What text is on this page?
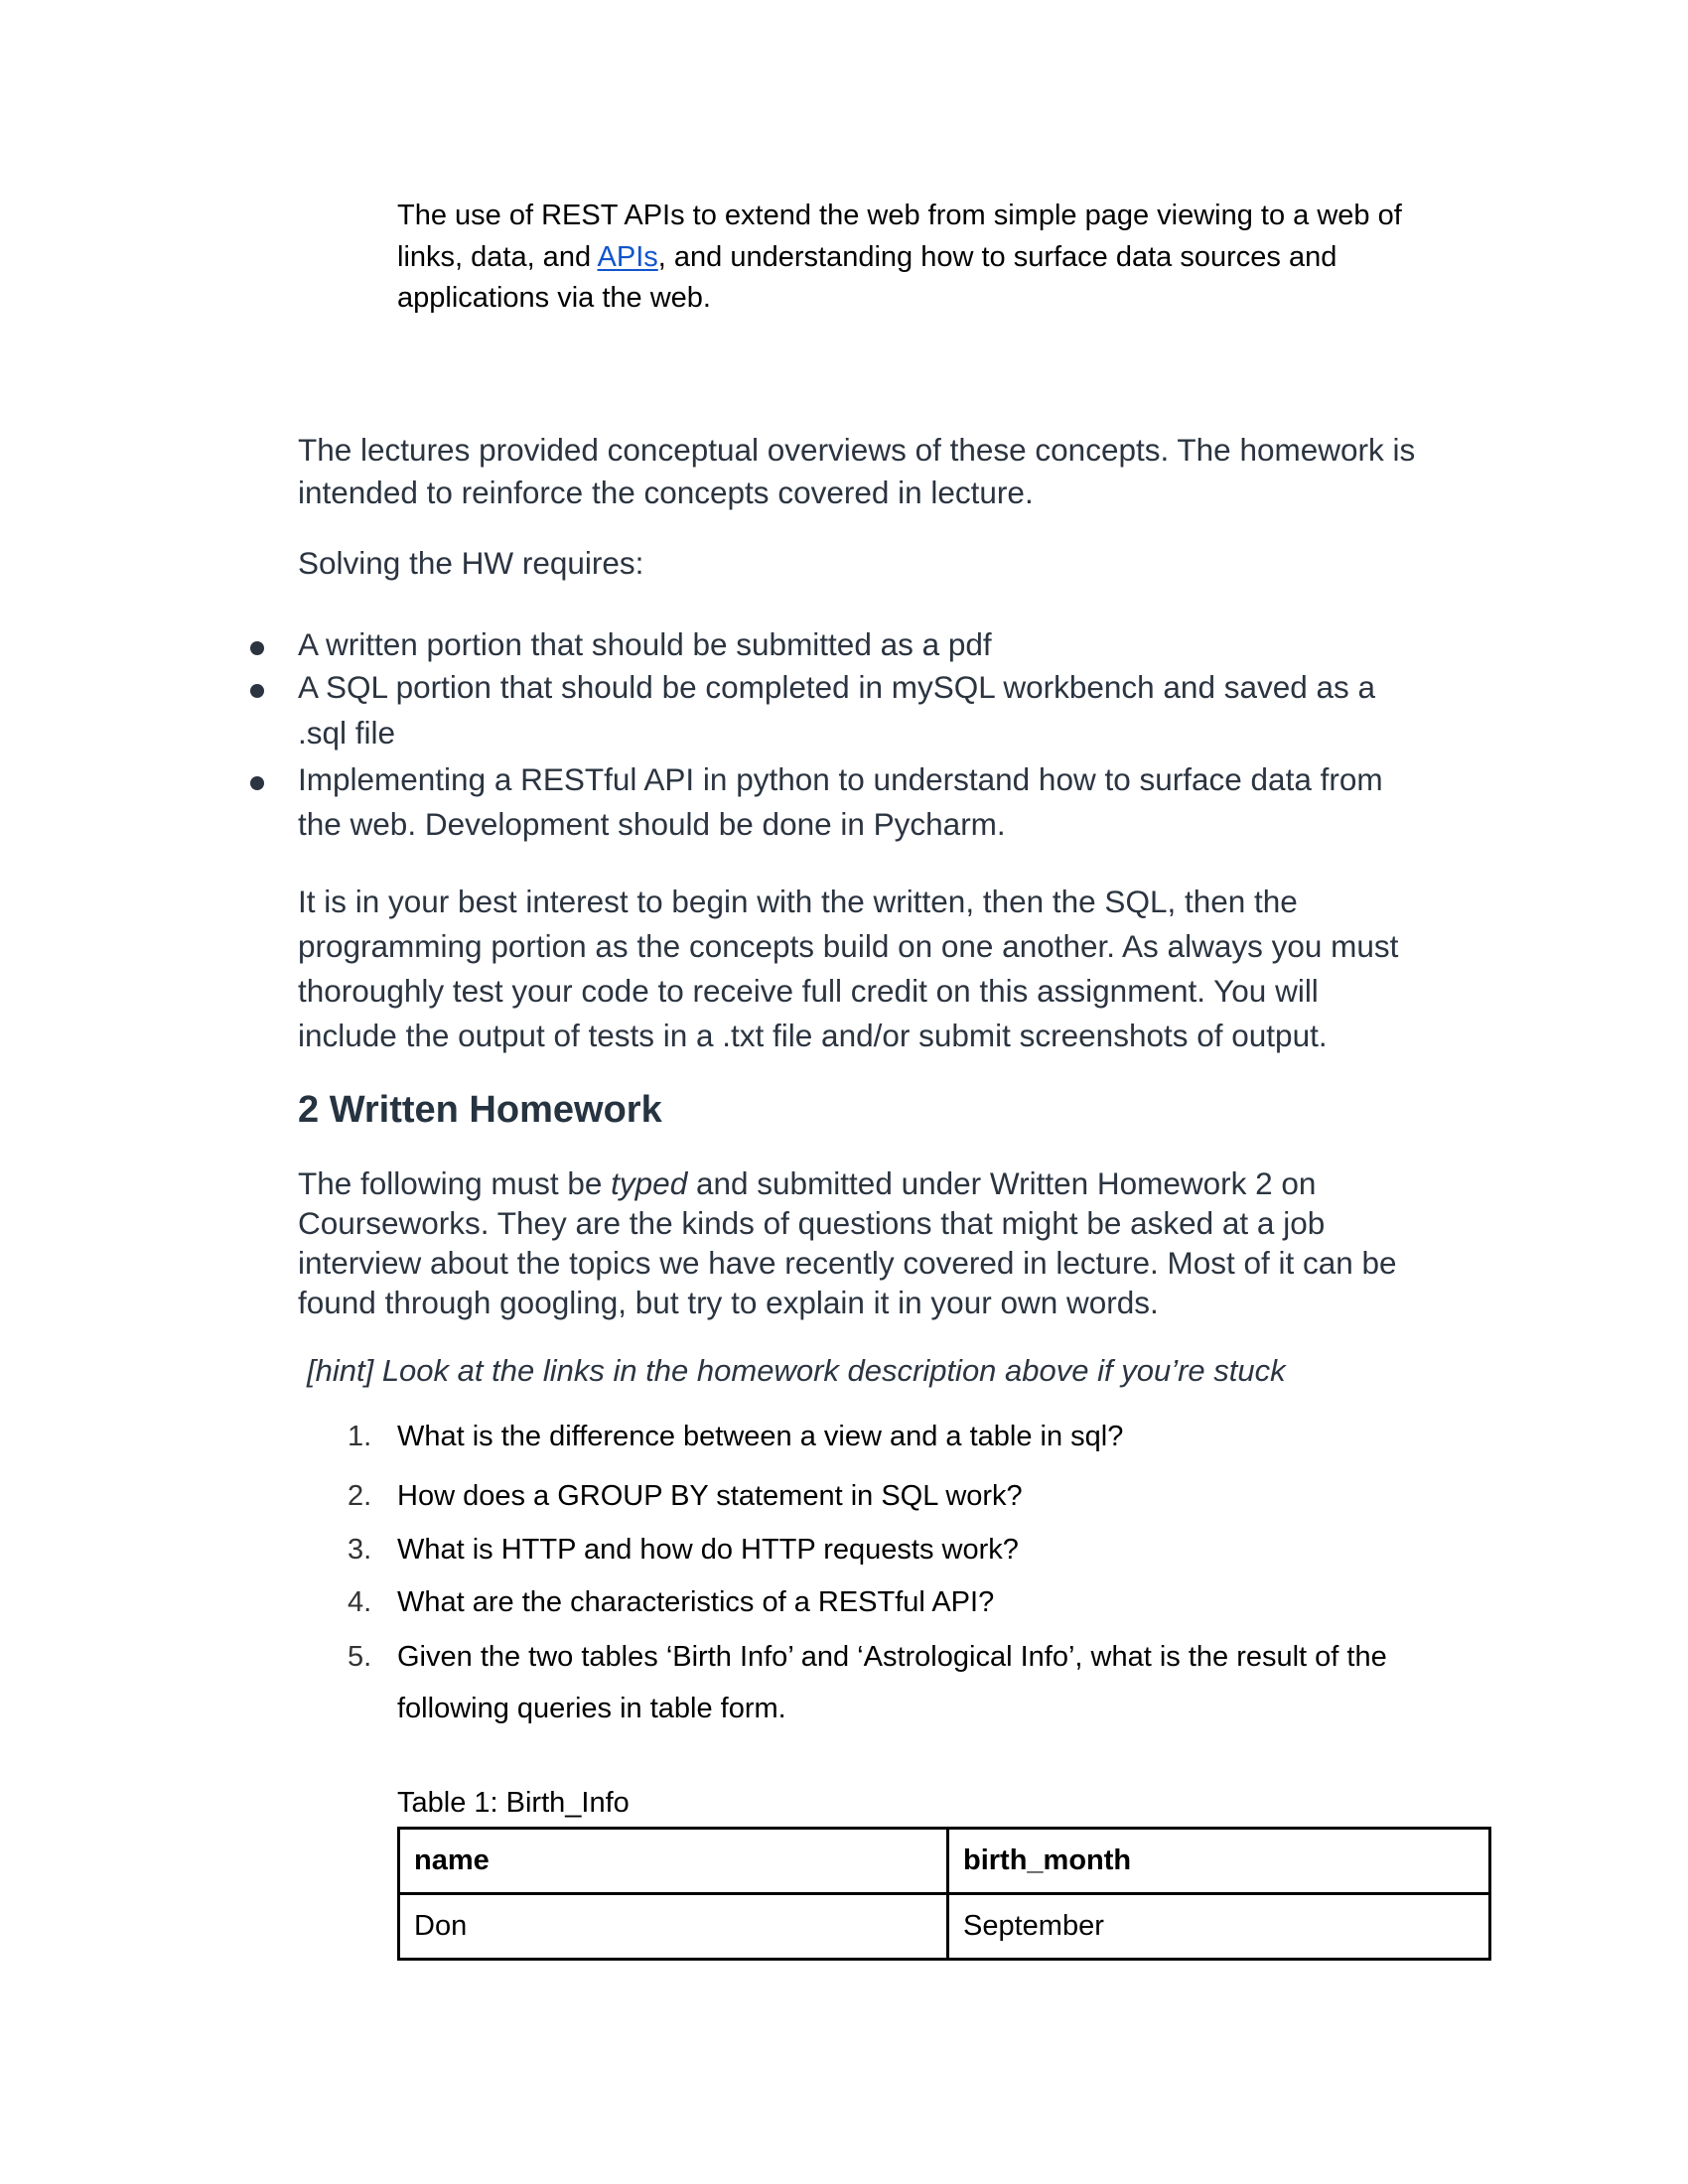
The use of REST APIs to extend the web from simple page viewing to a web of
links, data, and APIs, and understanding how to surface data sources and
applications via the web.
The lectures provided conceptual overviews of these concepts. The homework is
intended to reinforce the concepts covered in lecture.
Solving the HW requires:
A written portion that should be submitted as a pdf
A SQL portion that should be completed in mySQL workbench and saved as a
.sql file
Implementing a RESTful API in python to understand how to surface data from
the web. Development should be done in Pycharm.
It is in your best interest to begin with the written, then the SQL, then the
programming portion as the concepts build on one another. As always you must
thoroughly test your code to receive full credit on this assignment. You will
include the output of tests in a .txt file and/or submit screenshots of output.
2 Written Homework
The following must be typed and submitted under Written Homework 2 on
Courseworks. They are the kinds of questions that might be asked at a job
interview about the topics we have recently covered in lecture. Most of it can be
found through googling, but try to explain it in your own words.
[hint] Look at the links in the homework description above if you’re stuck
1. What is the difference between a view and a table in sql?
2. How does a GROUP BY statement in SQL work?
3. What is HTTP and how do HTTP requests work?
4. What are the characteristics of a RESTful API?
5. Given the two tables ‘Birth Info’ and ‘Astrological Info’, what is the result of the
following queries in table form.
Table 1: Birth_Info
name	birth_month
Don	September
